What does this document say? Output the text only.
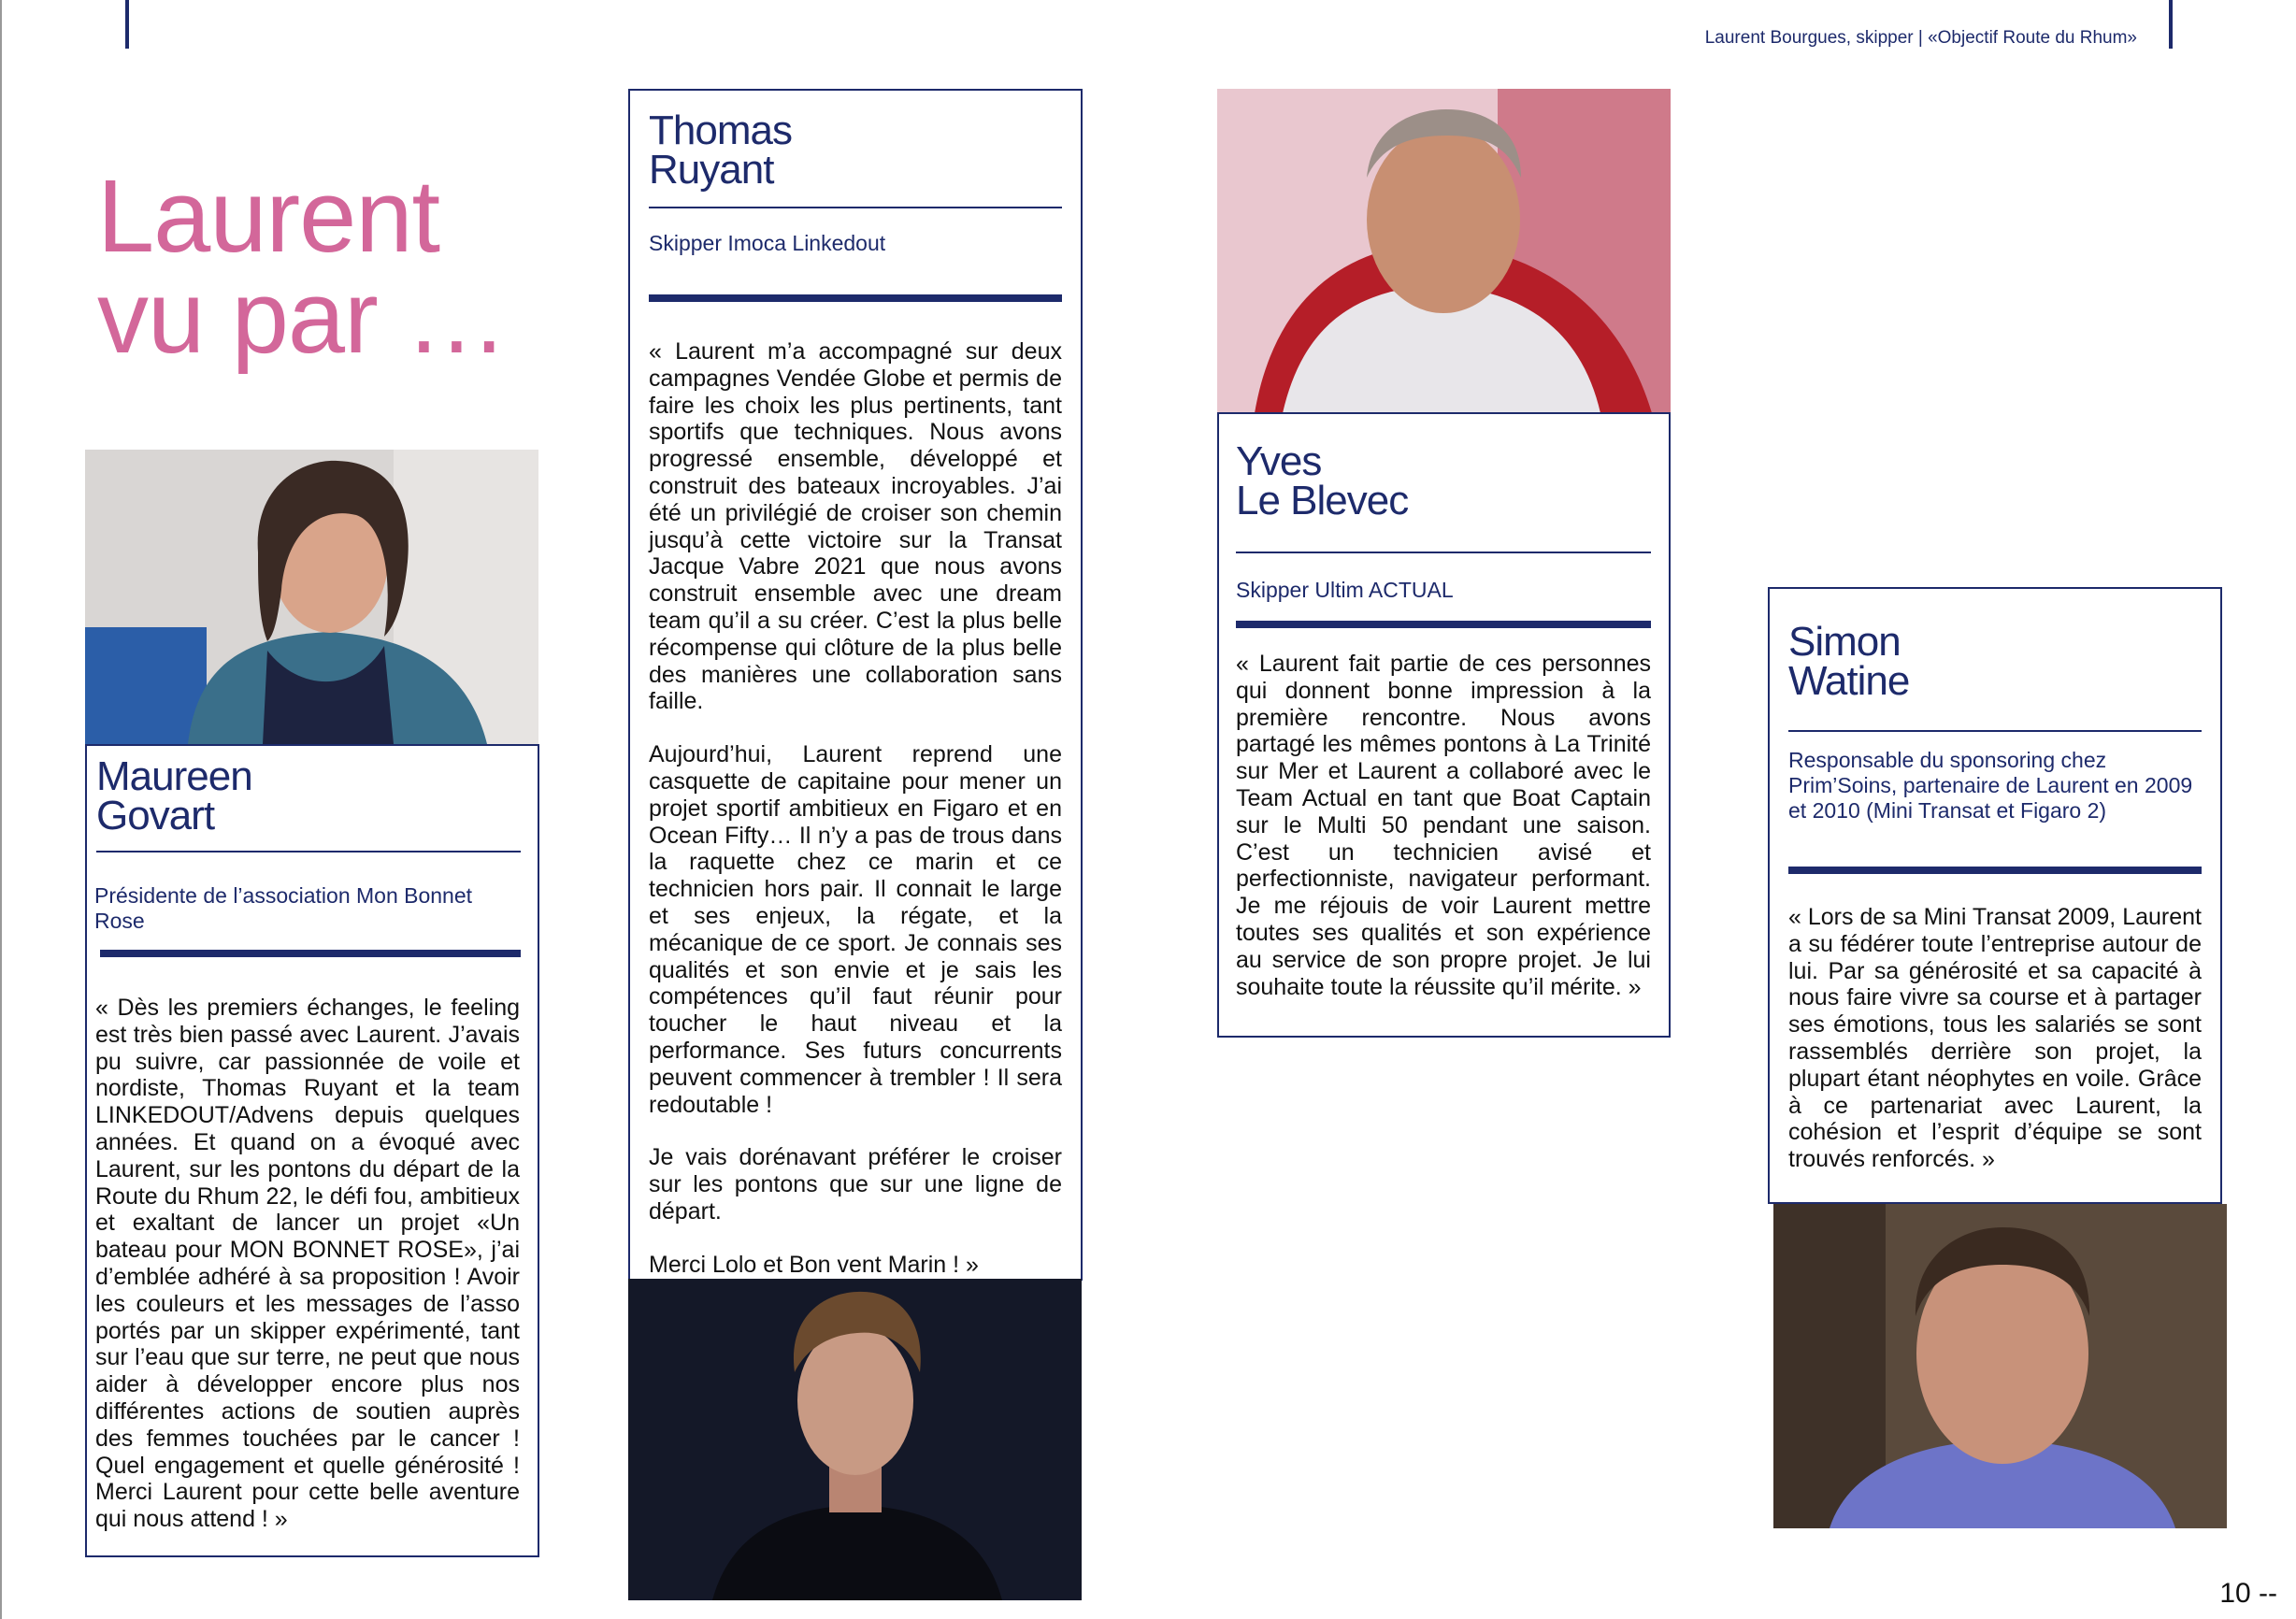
Laurent Bourgues, skipper | «Objectif Route du Rhum»
Laurent
vu par …
Maureen
Govart
Présidente de l’association Mon Bonnet Rose
« Dès les premiers échanges, le feeling est très bien passé avec Laurent. J’avais pu suivre, car passionnée de voile et nordiste, Thomas Ruyant et la team LINKEDOUT/Advens depuis quelques années. Et quand on a évoqué avec Laurent, sur les pontons du départ de la Route du Rhum 22, le défi fou, ambitieux et exaltant de lancer un projet «Un bateau pour MON BONNET ROSE», j’ai d’emblée adhéré à sa proposition ! Avoir les couleurs et les messages de l’asso portés par un skipper expérimenté, tant sur l’eau que sur terre, ne peut que nous aider à développer encore plus nos différentes actions de soutien auprès des femmes touchées par le cancer ! Quel engagement et quelle générosité ! Merci Laurent pour cette belle aventure qui nous attend ! »
Thomas
Ruyant
Skipper Imoca Linkedout

« Laurent m’a accompagné sur deux campagnes Vendée Globe et permis de faire les choix les plus pertinents, tant sportifs que techniques. Nous avons progressé ensemble, développé et construit des bateaux incroyables. J’ai été un privilégié de croiser son chemin jusqu’à cette victoire sur la Transat Jacque Vabre 2021 que nous avons construit ensemble avec une dream team qu’il a su créer. C’est la plus belle récompense qui clôture de la plus belle des manières une collaboration sans faille.

Aujourd’hui, Laurent reprend une casquette de capitaine pour mener un projet sportif ambitieux en Figaro et en Ocean Fifty… Il n’y a pas de trous dans la raquette chez ce marin et ce technicien hors pair. Il connait le large et ses enjeux, la régate, et la mécanique de ce sport. Je connais ses qualités et son envie et je sais les compétences qu’il faut réunir pour toucher le haut niveau et la performance. Ses futurs concurrents peuvent commencer à trembler ! Il sera redoutable !

Je vais dorénavant préférer le croiser sur les pontons que sur une ligne de départ.

Merci Lolo et Bon vent Marin ! »

Yves
Le Blevec
Skipper Ultim ACTUAL
« Laurent fait partie de ces personnes qui donnent bonne impression à la première rencontre. Nous avons partagé les mêmes pontons à La Trinité sur Mer et Laurent a collaboré avec le Team Actual en tant que Boat Captain sur le Multi 50 pendant une saison. C’est un technicien avisé et perfectionniste, navigateur performant. Je me réjouis de voir Laurent mettre toutes ses qualités et son expérience au service de son propre projet. Je lui souhaite toute la réussite qu’il mérite. »
Simon
Watine
Responsable du sponsoring chez Prim’Soins, partenaire de Laurent en 2009 et 2010 (Mini Transat et Figaro 2)
« Lors de sa Mini Transat 2009, Laurent a su fédérer toute l’entreprise autour de lui. Par sa générosité et sa capacité à nous faire vivre sa course et à partager ses émotions, tous les salariés se sont rassemblés derrière son projet, la plupart étant néophytes en voile. Grâce à ce partenariat avec Laurent, la cohésion et l’esprit d’équipe se sont trouvés renforcés. »
10 --
